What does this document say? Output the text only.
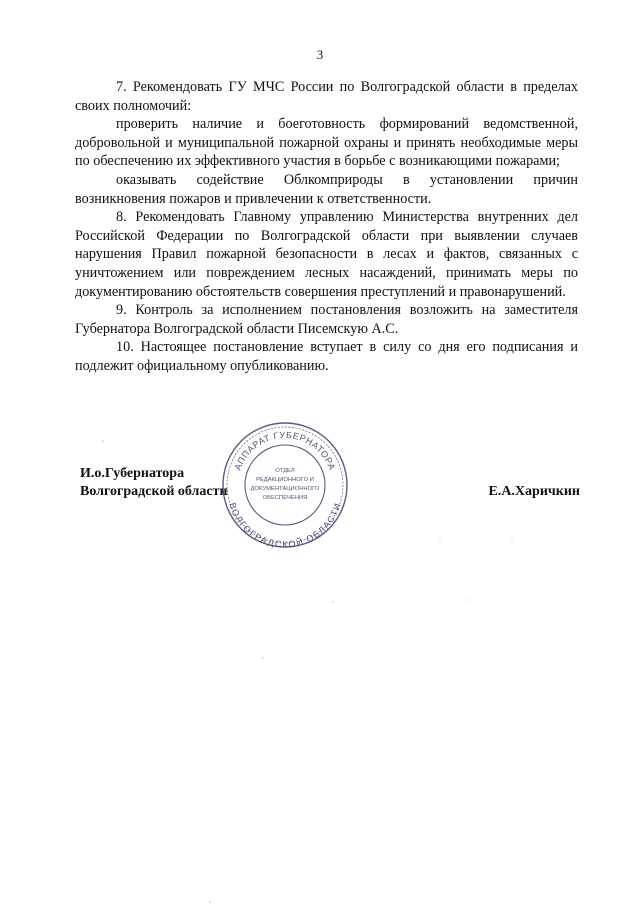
3

7. Рекомендовать ГУ МЧС России по Волгоградской области в пределах своих полномочий:

проверить наличие и боеготовность формирований ведомственной, добровольной и муниципальной пожарной охраны и принять необходимые меры по обеспечению их эффективного участия в борьбе с возникающими пожарами;

оказывать содействие Облкомприроды в установлении причин возникновения пожаров и привлечении к ответственности.

8. Рекомендовать Главному управлению Министерства внутренних дел Российской Федерации по Волгоградской области при выявлении случаев нарушения Правил пожарной безопасности в лесах и фактов, связанных с уничтожением или повреждением лесных насаждений, принимать меры по документированию обстоятельств совершения преступлений и правонарушений.

9. Контроль за исполнением постановления возложить на заместителя Губернатора Волгоградской области Писемскую А.С.

10. Настоящее постановление вступает в силу со дня его подписания и подлежит официальному опубликованию.

И.о.Губернатора
Волгоградской области	Е.А.Харичкин
АППАРАТ ГУБЕРНАТОРА
ВОЛГОГРАДСКОЙ ОБЛАСТИ
ОТДЕЛ
РЕДАКЦИОННОГО И
ДОКУМЕНТАЦИОННОГО
ОБЕСПЕЧЕНИЯ
